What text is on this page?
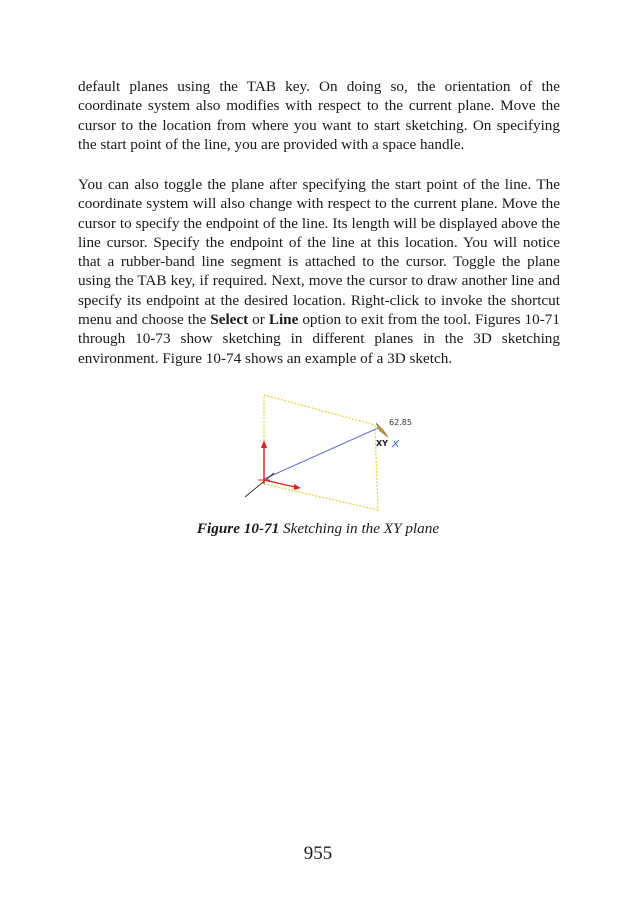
default planes using the TAB key. On doing so, the orientation of the coordinate system also modifies with respect to the current plane. Move the cursor to the location from where you want to start sketching. On specifying the start point of the line, you are provided with a space handle.

You can also toggle the plane after specifying the start point of the line. The coordinate system will also change with respect to the current plane. Move the cursor to specify the endpoint of the line. Its length will be displayed above the line cursor. Specify the endpoint of the line at this location. You will notice that a rubber-band line segment is attached to the cursor. Toggle the plane using the TAB key, if required. Next, move the cursor to draw another line and specify its endpoint at the desired location. Right-click to invoke the shortcut menu and choose the Select or Line option to exit from the tool. Figures 10-71 through 10-73 show sketching in different planes in the 3D sketching environment. Figure 10-74 shows an example of a 3D sketch.

62.85
XY

Figure 10-71 Sketching in the XY plane

955
